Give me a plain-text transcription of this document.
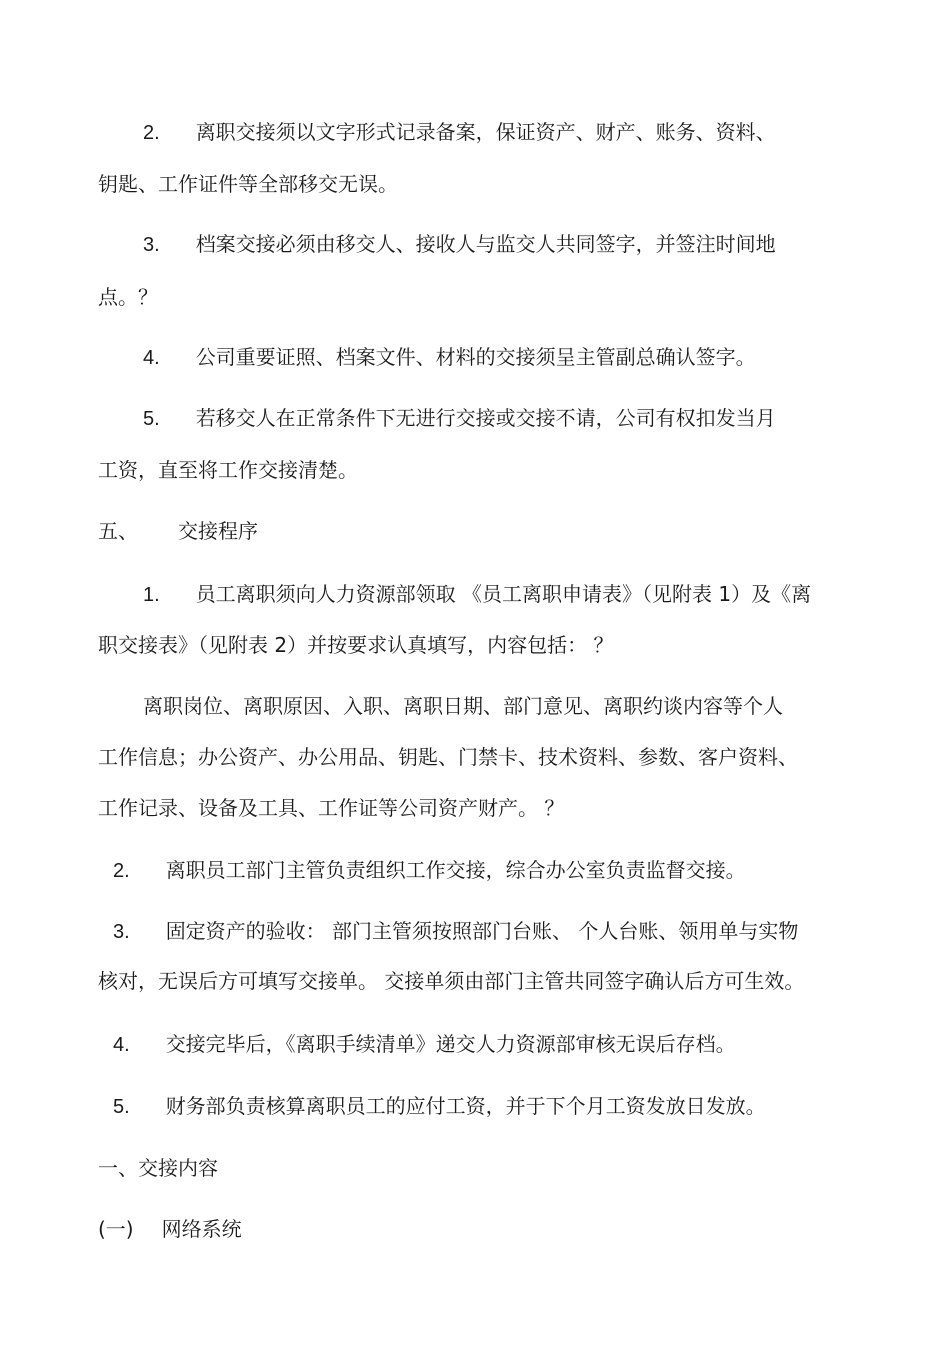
2. 离职交接须以文字形式记录备案，保证资产、财产、账务、资料、
钥匙、工作证件等全部移交无误。
3. 档案交接必须由移交人、接收人与监交人共同签字，并签注时间地
点。？
4. 公司重要证照、档案文件、材料的交接须呈主管副总确认签字。
5. 若移交人在正常条件下无进行交接或交接不请，公司有权扣发当月
工资，直至将工作交接清楚。
五、 交接程序
1. 员工离职须向人力资源部领取 《员工离职申请表》（见附表 1）及《离
职交接表》（见附表 2）并按要求认真填写，内容包括： ？
离职岗位、离职原因、入职、离职日期、部门意见、离职约谈内容等个人
工作信息；办公资产、办公用品、钥匙、门禁卡、技术资料、参数、客户资料、
工作记录、设备及工具、工作证等公司资产财产。 ？
2. 离职员工部门主管负责组织工作交接，综合办公室负责监督交接。
3. 固定资产的验收： 部门主管须按照部门台账、 个人台账、领用单与实物
核对，无误后方可填写交接单。 交接单须由部门主管共同签字确认后方可生效。
4. 交接完毕后，《离职手续清单》递交人力资源部审核无误后存档。
5. 财务部负责核算离职员工的应付工资，并于下个月工资发放日发放。
一、交接内容
(一) 网络系统
